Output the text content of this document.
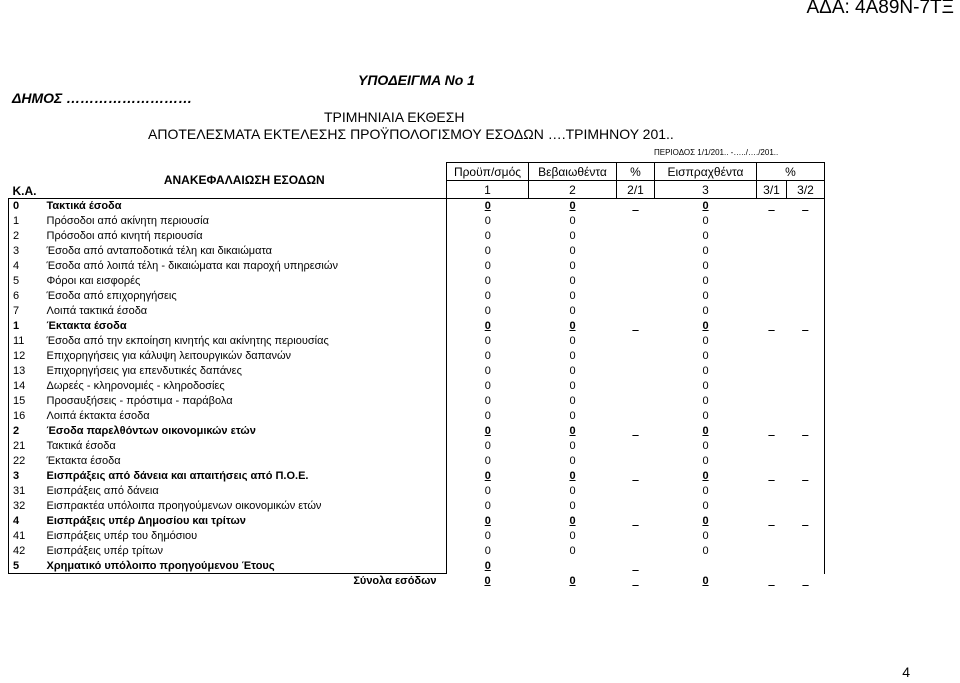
ΑΔΑ: 4Α89Ν-7ΤΞ
ΥΠΟΔΕΙΓΜΑ Νο 1
ΔΗΜΟΣ ………………………
ΤΡΙΜΗΝΙΑΙΑ ΕΚΘΕΣΗ
ΑΠΟΤΕΛΕΣΜΑΤΑ ΕΚΤΕΛΕΣΗΣ ΠΡΟΫΠΟΛΟΓΙΣΜΟΥ ΕΣΟΔΩΝ ….ΤΡΙΜΗΝΟΥ 201..
ΠΕΡΙΟΔΟΣ 1/1/201.. -…../…./201..
Κ.Α.	ΑΝΑΚΕΦΑΛΑΙΩΣΗ ΕΣΟΔΩΝ	Προϋπ/σμός	Βεβαιωθέντα	%	Εισπραχθέντα	%	
		1	2	2/1	3	3/1	3/2
0	Τακτικά έσοδα	0	0	_	0	_	_
1	Πρόσοδοι από ακίνητη περιουσία	0	0		0		
2	Πρόσοδοι από κινητή περιουσία	0	0		0		
3	Έσοδα από ανταποδοτικά τέλη και δικαιώματα	0	0		0		
4	Έσοδα από λοιπά τέλη - δικαιώματα και παροχή υπηρεσιών	0	0		0		
5	Φόροι και εισφορές	0	0		0		
6	Έσοδα από επιχορηγήσεις	0	0		0		
7	Λοιπά τακτικά έσοδα	0	0		0		
1	Έκτακτα έσοδα	0	0	_	0	_	_
11	Έσοδα από την εκποίηση κινητής και ακίνητης περιουσίας	0	0		0		
12	Επιχορηγήσεις για κάλυψη λειτουργικών δαπανών	0	0		0		
13	Επιχορηγήσεις για επενδυτικές δαπάνες	0	0		0		
14	Δωρεές - κληρονομιές - κληροδοσίες	0	0		0		
15	Προσαυξήσεις - πρόστιμα - παράβολα	0	0		0		
16	Λοιπά έκτακτα έσοδα	0	0		0		
2	Έσοδα παρελθόντων οικονομικών ετών	0	0	_	0	_	_
21	Τακτικά έσοδα	0	0		0		
22	Έκτακτα έσοδα	0	0		0		
3	Εισπράξεις από δάνεια και απαιτήσεις από Π.Ο.Ε.	0	0	_	0	_	_
31	Εισπράξεις από δάνεια	0	0		0		
32	Εισπρακτέα υπόλοιπα προηγούμενων οικονομικών ετών	0	0		0		
4	Εισπράξεις υπέρ Δημοσίου και τρίτων	0	0	_	0	_	_
41	Εισπράξεις υπέρ του δημόσιου	0	0		0		
42	Εισπράξεις υπέρ τρίτων	0	0		0		
5	Χρηματικό υπόλοιπο προηγούμενου Έτους	0		_			
Σύνολα εσόδων		0	0	_	0	_	_
4
